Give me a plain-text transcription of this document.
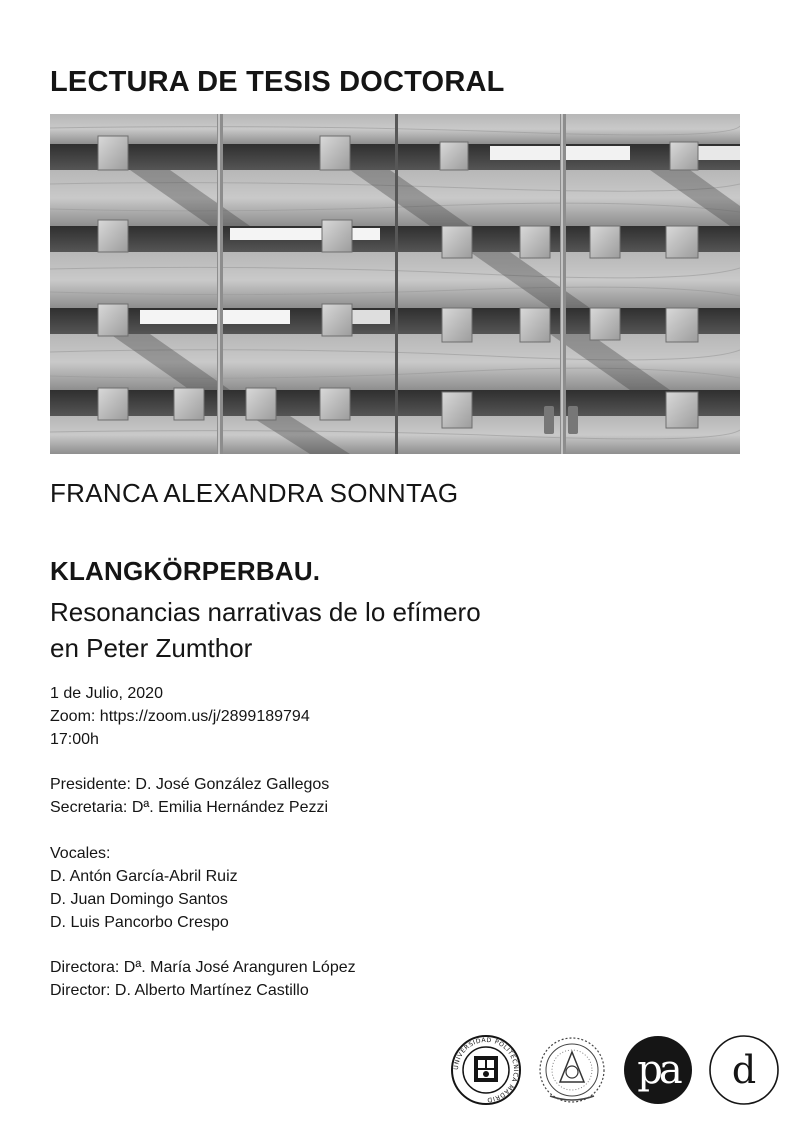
LECTURA DE TESIS DOCTORAL
FRANCA ALEXANDRA SONNTAG
KLANGKÖRPERBAU.
Resonancias narrativas de lo efímero
en Peter Zumthor
1 de Julio, 2020
Zoom: https://zoom.us/j/2899189794
17:00h
Presidente: D. José González Gallegos
Secretaria: Dª. Emilia Hernández Pezzi
Vocales:
D. Antón García-Abril Ruiz
D. Juan Domingo Santos
D. Luis Pancorbo Crespo
Directora: Dª. María José Aranguren López
Director: D. Alberto Martínez Castillo
UNIVERSIDAD POLITÉCNICA MADRID
pa	d
